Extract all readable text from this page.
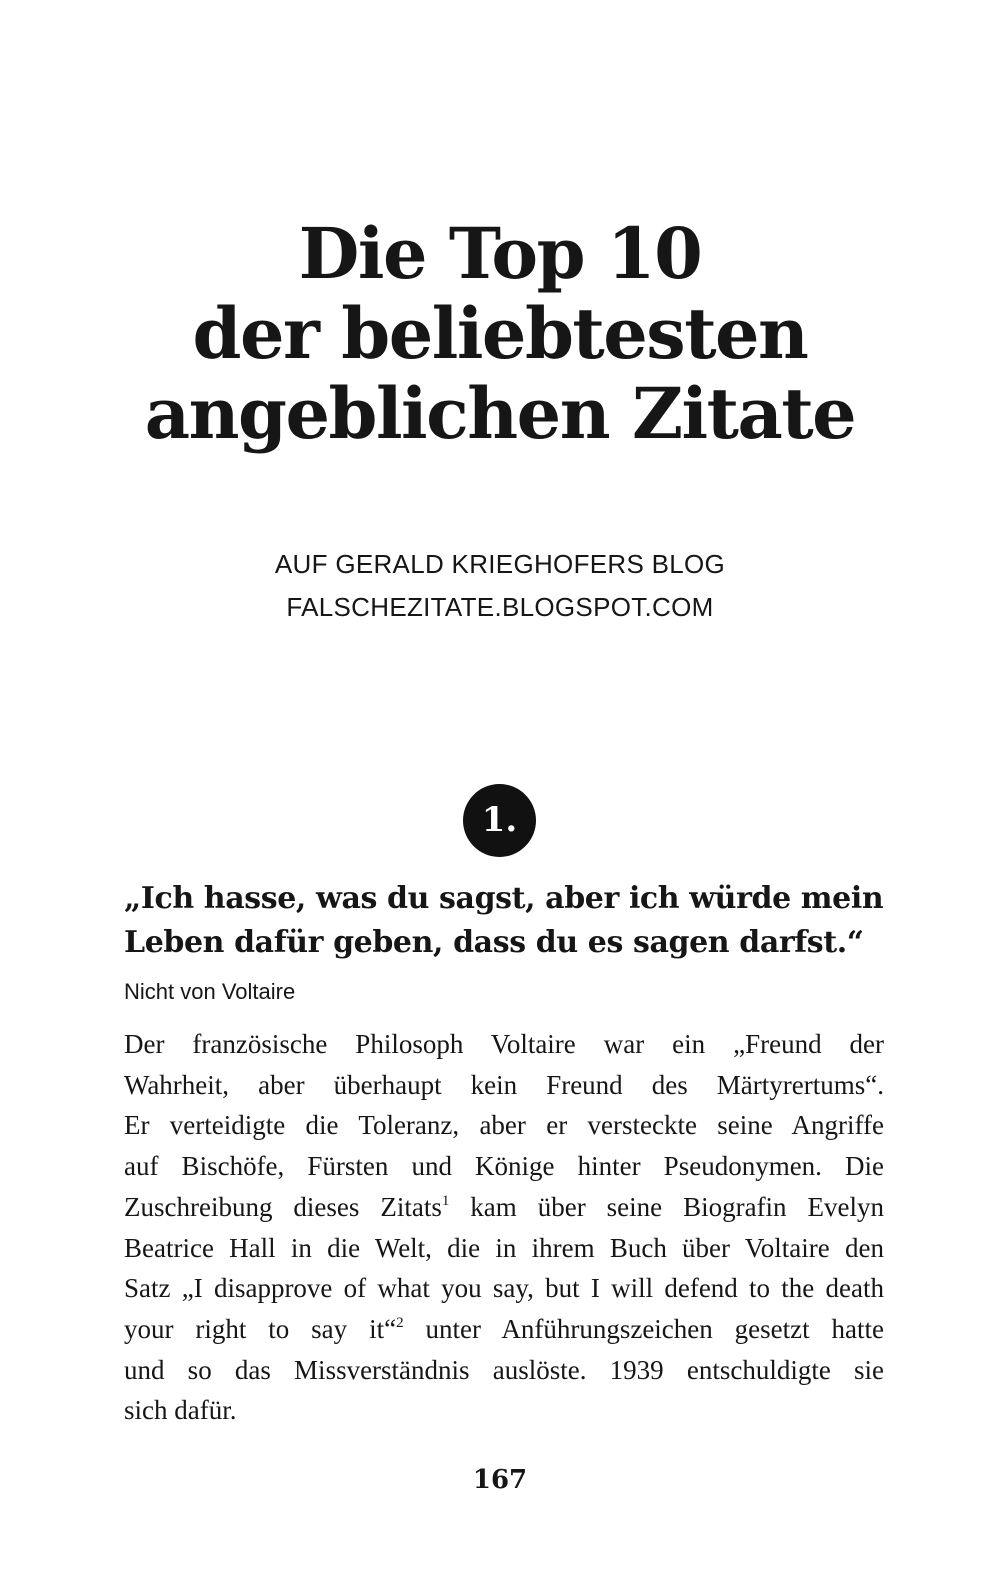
Die Top 10
der beliebtesten
angeblichen Zitate
AUF GERALD KRIEGHOFERS BLOG
FALSCHEZITATE.BLOGSPOT.COM
1.
„Ich hasse, was du sagst, aber ich würde mein
Leben dafür geben, dass du es sagen darfst.“
Nicht von Voltaire

Der französische Philosoph Voltaire war ein „Freund der
Wahrheit, aber überhaupt kein Freund des Märtyrertums“.
Er verteidigte die Toleranz, aber er versteckte seine Angriffe
auf Bischöfe, Fürsten und Könige hinter Pseudonymen. Die
Zuschreibung dieses Zitats$^1$ kam über seine Biografin Evelyn
Beatrice Hall in die Welt, die in ihrem Buch über Voltaire den
Satz „I disapprove of what you say, but I will defend to the death
your right to say it“$^2$ unter Anführungszeichen gesetzt hatte
und so das Missverständnis auslöste. 1939 entschuldigte sie
sich dafür.

167
